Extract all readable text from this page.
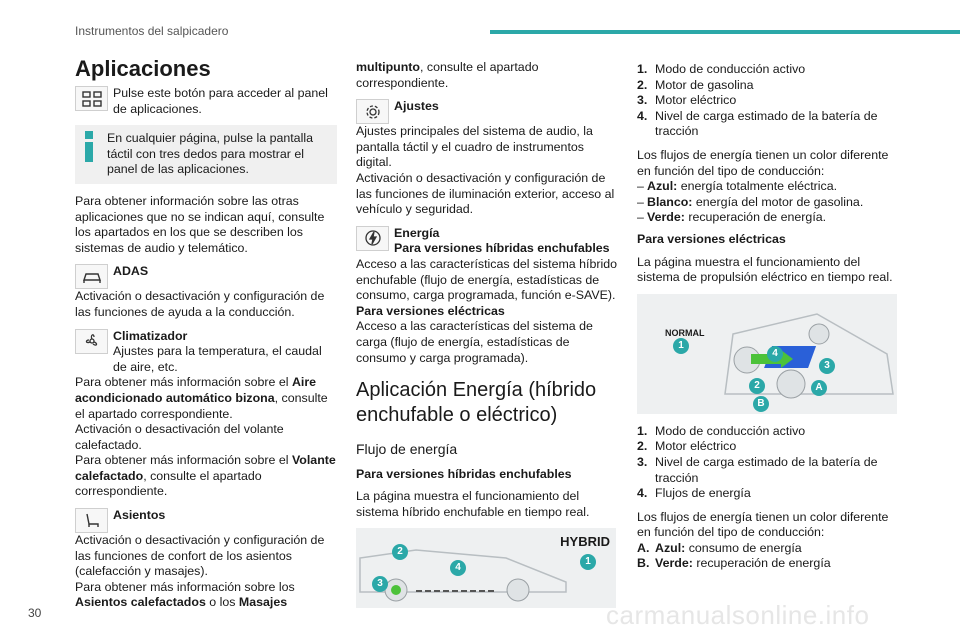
Instrumentos del salpicadero
Aplicaciones
Pulse este botón para acceder al panel de aplicaciones.
En cualquier página, pulse la pantalla táctil con tres dedos para mostrar el panel de las aplicaciones.

Para obtener información sobre las otras aplicaciones que no se indican aquí, consulte los apartados en los que se describen los sistemas de audio y telemático.

ADAS

Activación o desactivación y configuración de las funciones de ayuda a la conducción.

Climatizador
Ajustes para la temperatura, el caudal de aire, etc.

Para obtener más información sobre el Aire acondicionado automático bizona, consulte el apartado correspondiente.

Activación o desactivación del volante calefactado.

Para obtener más información sobre el Volante calefactado, consulte el apartado correspondiente.

Asientos

Activación o desactivación y configuración de las funciones de confort de los asientos (calefacción y masajes).

Para obtener más información sobre los Asientos calefactados o los Masajes

multipunto, consulte el apartado correspondiente.

Ajustes

Ajustes principales del sistema de audio, la pantalla táctil y el cuadro de instrumentos digital.

Activación o desactivación y configuración de las funciones de iluminación exterior, acceso al vehículo y seguridad.

Energía
Para versiones híbridas enchufables

Acceso a las características del sistema híbrido enchufable (flujo de energía, estadísticas de consumo, carga programada, función e-SAVE).

Para versiones eléctricas

Acceso a las características del sistema de carga (flujo de energía, estadísticas de consumo y carga programada).

Aplicación Energía (híbrido enchufable o eléctrico)
Flujo de energía
Para versiones híbridas enchufables

La página muestra el funcionamiento del sistema híbrido enchufable en tiempo real.

HYBRID
2
4
1
3
1. Modo de conducción activo
2. Motor de gasolina
3. Motor eléctrico
4. Nivel de carga estimado de la batería de tracción

Los flujos de energía tienen un color diferente en función del tipo de conducción:

– Azul: energía totalmente eléctrica.
– Blanco: energía del motor de gasolina.
– Verde: recuperación de energía.
Para versiones eléctricas

La página muestra el funcionamiento del sistema de propulsión eléctrico en tiempo real.

NORMAL
1
4
3
2	A
B
1. Modo de conducción activo
2. Motor eléctrico
3. Nivel de carga estimado de la batería de tracción
4. Flujos de energía

Los flujos de energía tienen un color diferente en función del tipo de conducción:

A. Azul: consumo de energía
B. Verde: recuperación de energía
30	carmanualsonline.info
